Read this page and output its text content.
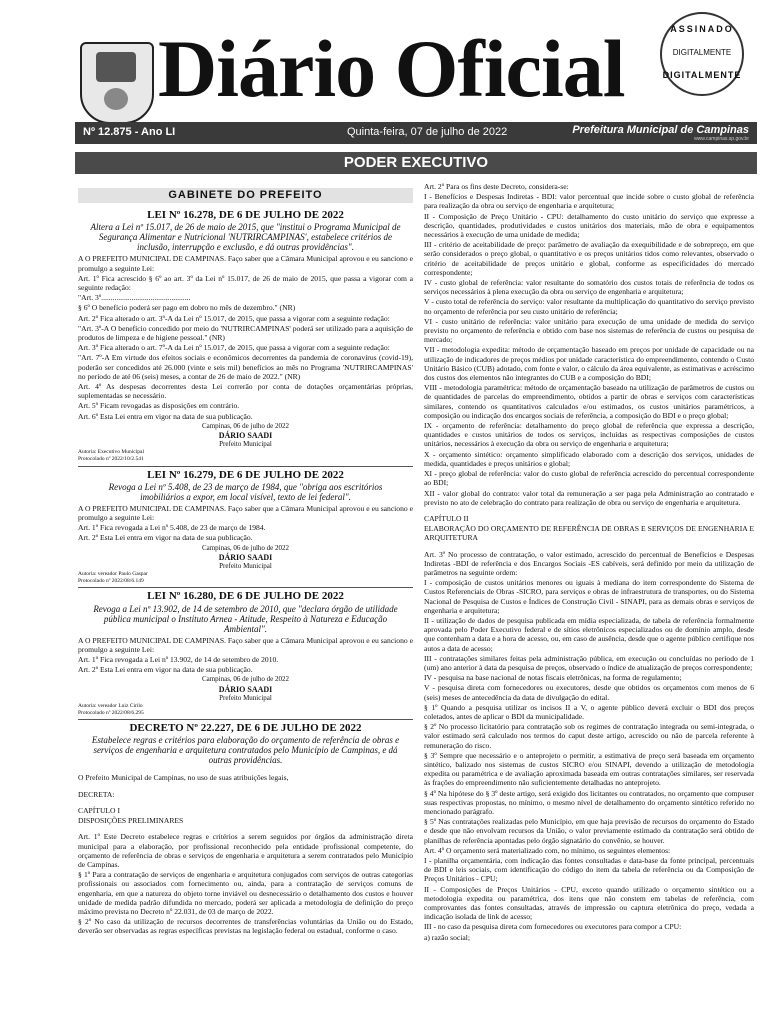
Diário Oficial	ASSINADO
DIGITALMENTE
DIGITALMENTE
Nº 12.875 - Ano LI	Quinta-feira, 07 de julho de 2022	Prefeitura Municipal de Campinas
www.campinas.sp.gov.br
PODER EXECUTIVO
GABINETE DO PREFEITO
LEI Nº 16.278, DE 6 DE JULHO DE 2022
Altera a Lei nº 15.017, de 26 de maio de 2015, que "institui o Programa Municipal de Segurança Alimentar e Nutricional 'NUTRIRCAMPINAS', estabelece critérios de inclusão, interrupção e exclusão, e dá outras providências".

A O PREFEITO MUNICIPAL DE CAMPINAS. Faço saber que a Câmara Municipal aprovou e eu sanciono e promulgo a seguinte Lei:

Art. 1º Fica acrescido § 6º ao art. 3º da Lei nº 15.017, de 26 de maio de 2015, que passa a vigorar com a seguinte redação:

"Art. 3º...............................................

§ 6º O benefício poderá ser pago em dobro no mês de dezembro." (NR)

Art. 2º Fica alterado o art. 3º-A da Lei nº 15.017, de 2015, que passa a vigorar com a seguinte redação:

"Art. 3º-A O benefício concedido por meio do 'NUTRIRCAMPINAS' poderá ser utilizado para a aquisição de produtos de limpeza e de higiene pessoal." (NR)

Art. 3º Fica alterado o art. 7º-A da Lei nº 15.017, de 2015, que passa a vigorar com a seguinte redação:

"Art. 7º-A Em virtude dos efeitos sociais e econômicos decorrentes da pandemia de coronavírus (covid-19), poderão ser concedidos até 26.000 (vinte e seis mil) benefícios ao mês no Programa 'NUTRIRCAMPINAS' no período de até 06 (seis) meses, a contar de 26 de maio de 2022." (NR)

Art. 4º As despesas decorrentes desta Lei correrão por conta de dotações orçamentárias próprias, suplementadas se necessário.

Art. 5º Ficam revogadas as disposições em contrário.

Art. 6º Esta Lei entra em vigor na data de sua publicação.

Campinas, 06 de julho de 2022
DÁRIO SAADI
Prefeito Municipal
Autoria: Executivo Municipal
Protocolado nº 2022/10/2.541
LEI Nº 16.279, DE 6 DE JULHO DE 2022
Revoga a Lei nº 5.408, de 23 de março de 1984, que "obriga aos escritórios imobiliários a expor, em local visível, texto de lei federal".

A O PREFEITO MUNICIPAL DE CAMPINAS. Faço saber que a Câmara Municipal aprovou e eu sanciono e promulgo a seguinte Lei:

Art. 1º Fica revogada a Lei nº 5.408, de 23 de março de 1984.

Art. 2º Esta Lei entra em vigor na data de sua publicação.

Campinas, 06 de julho de 2022
DÁRIO SAADI
Prefeito Municipal
Autoria: vereador Paulo Gaspar
Protocolado nº 2022/08/6.149
LEI Nº 16.280, DE 6 DE JULHO DE 2022
Revoga a Lei nº 13.902, de 14 de setembro de 2010, que "declara órgão de utilidade pública municipal o Instituto Arnea - Atitude, Respeito à Natureza e Educação Ambiental".

A O PREFEITO MUNICIPAL DE CAMPINAS. Faço saber que a Câmara Municipal aprovou e eu sanciono e promulgo a seguinte Lei:

Art. 1º Fica revogada a Lei nº 13.902, de 14 de setembro de 2010.

Art. 2º Esta Lei entra em vigor na data de sua publicação.

Campinas, 06 de julho de 2022
DÁRIO SAADI
Prefeito Municipal
Autoria: vereador Luiz Cirilo
Protocolado nº 2022/08/6.295
DECRETO Nº 22.227, DE 6 DE JULHO DE 2022
Estabelece regras e critérios para elaboração do orçamento de referência de obras e serviços de engenharia e arquitetura contratados pelo Município de Campinas, e dá outras providências.

O Prefeito Municipal de Campinas, no uso de suas atribuições legais,

DECRETA:

CAPÍTULO I

DISPOSIÇÕES PRELIMINARES

Art. 1º Este Decreto estabelece regras e critérios a serem seguidos por órgãos da administração direta municipal para a elaboração, por profissional reconhecido pela entidade profissional competente, do orçamento de referência de obras e serviços de engenharia e arquitetura a serem contratados pelo Município de Campinas.

§ 1º Para a contratação de serviços de engenharia e arquitetura conjugados com serviços de outras categorias profissionais ou associados com fornecimento ou, ainda, para a contratação de serviços comuns de engenharia, em que a natureza do objeto torne inviável ou desnecessário o detalhamento dos custos e houver unidade de medida padrão difundida no mercado, poderá ser aplicada a metodologia de definição do preço máximo prevista no Decreto nº 22.031, de 03 de março de 2022.

§ 2º No caso da utilização de recursos decorrentes de transferências voluntárias da União ou do Estado, deverão ser observadas as regras específicas previstas na legislação federal ou estadual, conforme o caso.

Art. 2º Para os fins deste Decreto, considera-se:

I - Benefícios e Despesas Indiretas - BDI: valor percentual que incide sobre o custo global de referência para realização da obra ou serviço de engenharia e arquitetura;

II - Composição de Preço Unitário - CPU: detalhamento do custo unitário do serviço que expresse a descrição, quantidades, produtividades e custos unitários dos materiais, mão de obra e equipamentos necessários à execução de uma unidade de medida;

III - critério de aceitabilidade de preço: parâmetro de avaliação da exequibilidade e de sobrepreço, em que serão considerados o preço global, o quantitativo e os preços unitários tidos como relevantes, observado o critério de aceitabilidade de preços unitário e global, conforme as especificidades do mercado correspondente;

IV - custo global de referência: valor resultante do somatório dos custos totais de referência de todos os serviços necessários à plena execução da obra ou serviço de engenharia e arquitetura;

V - custo total de referência do serviço: valor resultante da multiplicação do quantitativo do serviço previsto no orçamento de referência por seu custo unitário de referência;

VI - custo unitário de referência: valor unitário para execução de uma unidade de medida do serviço previsto no orçamento de referência e obtido com base nos sistemas de referência de custos ou pesquisa de mercado;

VII - metodologia expedita: método de orçamentação baseado em preços por unidade de capacidade ou na utilização de indicadores de preços médios por unidade característica do empreendimento, contendo o Custo Unitário Básico (CUB) adotado, com fonte e valor, o cálculo da área equivalente, as estimativas e acréscimo dos custos dos elementos não integrantes do CUB e a composição do BDI;

VIII - metodologia paramétrica: método de orçamentação baseado na utilização de parâmetros de custos ou de quantidades de parcelas do empreendimento, obtidos a partir de obras e serviços com características similares, contendo os quantitativos calculados e/ou estimados, os custos unitários paramétricos, a composição ou indicação dos encargos sociais de referência, a composição do BDI e o preço global;

IX - orçamento de referência: detalhamento do preço global de referência que expressa a descrição, quantidades e custos unitários de todos os serviços, incluídas as respectivas composições de custos unitários, necessários à execução da obra ou serviço de engenharia e arquitetura;

X - orçamento sintético: orçamento simplificado elaborado com a descrição dos serviços, unidades de medida, quantidades e preços unitários e global;

XI - preço global de referência: valor do custo global de referência acrescido do percentual correspondente ao BDI;

XII - valor global do contrato: valor total da remuneração a ser paga pela Administração ao contratado e previsto no ato de celebração do contrato para realização de obra ou serviço de engenharia e arquitetura.

CAPÍTULO II

ELABORAÇÃO DO ORÇAMENTO DE REFERÊNCIA DE OBRAS E SERVIÇOS DE ENGENHARIA E ARQUITETURA

Art. 3º No processo de contratação, o valor estimado, acrescido do percentual de Benefícios e Despesas Indiretas -BDI de referência e dos Encargos Sociais -ES cabíveis, será definido por meio da utilização de parâmetros na seguinte ordem:

I - composição de custos unitários menores ou iguais à mediana do item correspondente do Sistema de Custos Referenciais de Obras -SICRO, para serviços e obras de infraestrutura de transportes, ou do Sistema Nacional de Pesquisa de Custos e Índices de Construção Civil - SINAPI, para as demais obras e serviços de engenharia e arquitetura;

II - utilização de dados de pesquisa publicada em mídia especializada, de tabela de referência formalmente aprovada pelo Poder Executivo federal e de sítios eletrônicos especializados ou de domínio amplo, desde que contenham a data e a hora de acesso, ou, em caso de ausência, desde que o agente público certifique nos autos a data de acesso;

III - contratações similares feitas pela administração pública, em execução ou concluídas no período de 1 (um) ano anterior à data da pesquisa de preços, observado o índice de atualização de preços correspondente;

IV - pesquisa na base nacional de notas fiscais eletrônicas, na forma de regulamento;

V - pesquisa direta com fornecedores ou executores, desde que obtidos os orçamentos com menos de 6 (seis) meses de antecedência da data de divulgação do edital.

§ 1º Quando a pesquisa utilizar os incisos II a V, o agente público deverá excluir o BDI dos preços coletados, antes de aplicar o BDI da municipalidade.

§ 2º No processo licitatório para contratação sob os regimes de contratação integrada ou semi-integrada, o valor estimado será calculado nos termos do caput deste artigo, acrescido ou não de parcela referente à remuneração do risco.

§ 3º Sempre que necessário e o anteprojeto o permitir, a estimativa de preço será baseada em orçamento sintético, balizado nos sistemas de custos SICRO e/ou SINAPI, devendo a utilização de metodologia expedita ou paramétrica e de avaliação aproximada baseada em outras contratações similares, ser reservada às frações do empreendimento não suficientemente detalhadas no anteprojeto.

§ 4º Na hipótese do § 3º deste artigo, será exigido dos licitantes ou contratados, no orçamento que compuser suas respectivas propostas, no mínimo, o mesmo nível de detalhamento do orçamento sintético referido no mencionado parágrafo.

§ 5º Nas contratações realizadas pelo Município, em que haja previsão de recursos do orçamento do Estado e desde que não envolvam recursos da União, o valor previamente estimado da contratação será obtido de planilhas de referência apontadas pelo órgão signatário do convênio, se houver.

Art. 4º O orçamento será materializado com, no mínimo, os seguintes elementos:

I - planilha orçamentária, com indicação das fontes consultadas e data-base da fonte principal, percentuais de BDI e leis sociais, com identificação do código do item da tabela de referência ou da Composição de Preços Unitários - CPU;

II - Composições de Preços Unitários - CPU, exceto quando utilizado o orçamento sintético ou a metodologia expedita ou paramétrica, dos itens que não constem em tabelas de referência, com comprovantes das fontes consultadas, através de impressão ou captura eletrônica do preço, vedada a indicação isolada de link de acesso;

III - no caso da pesquisa direta com fornecedores ou executores para compor a CPU:

a) razão social;
